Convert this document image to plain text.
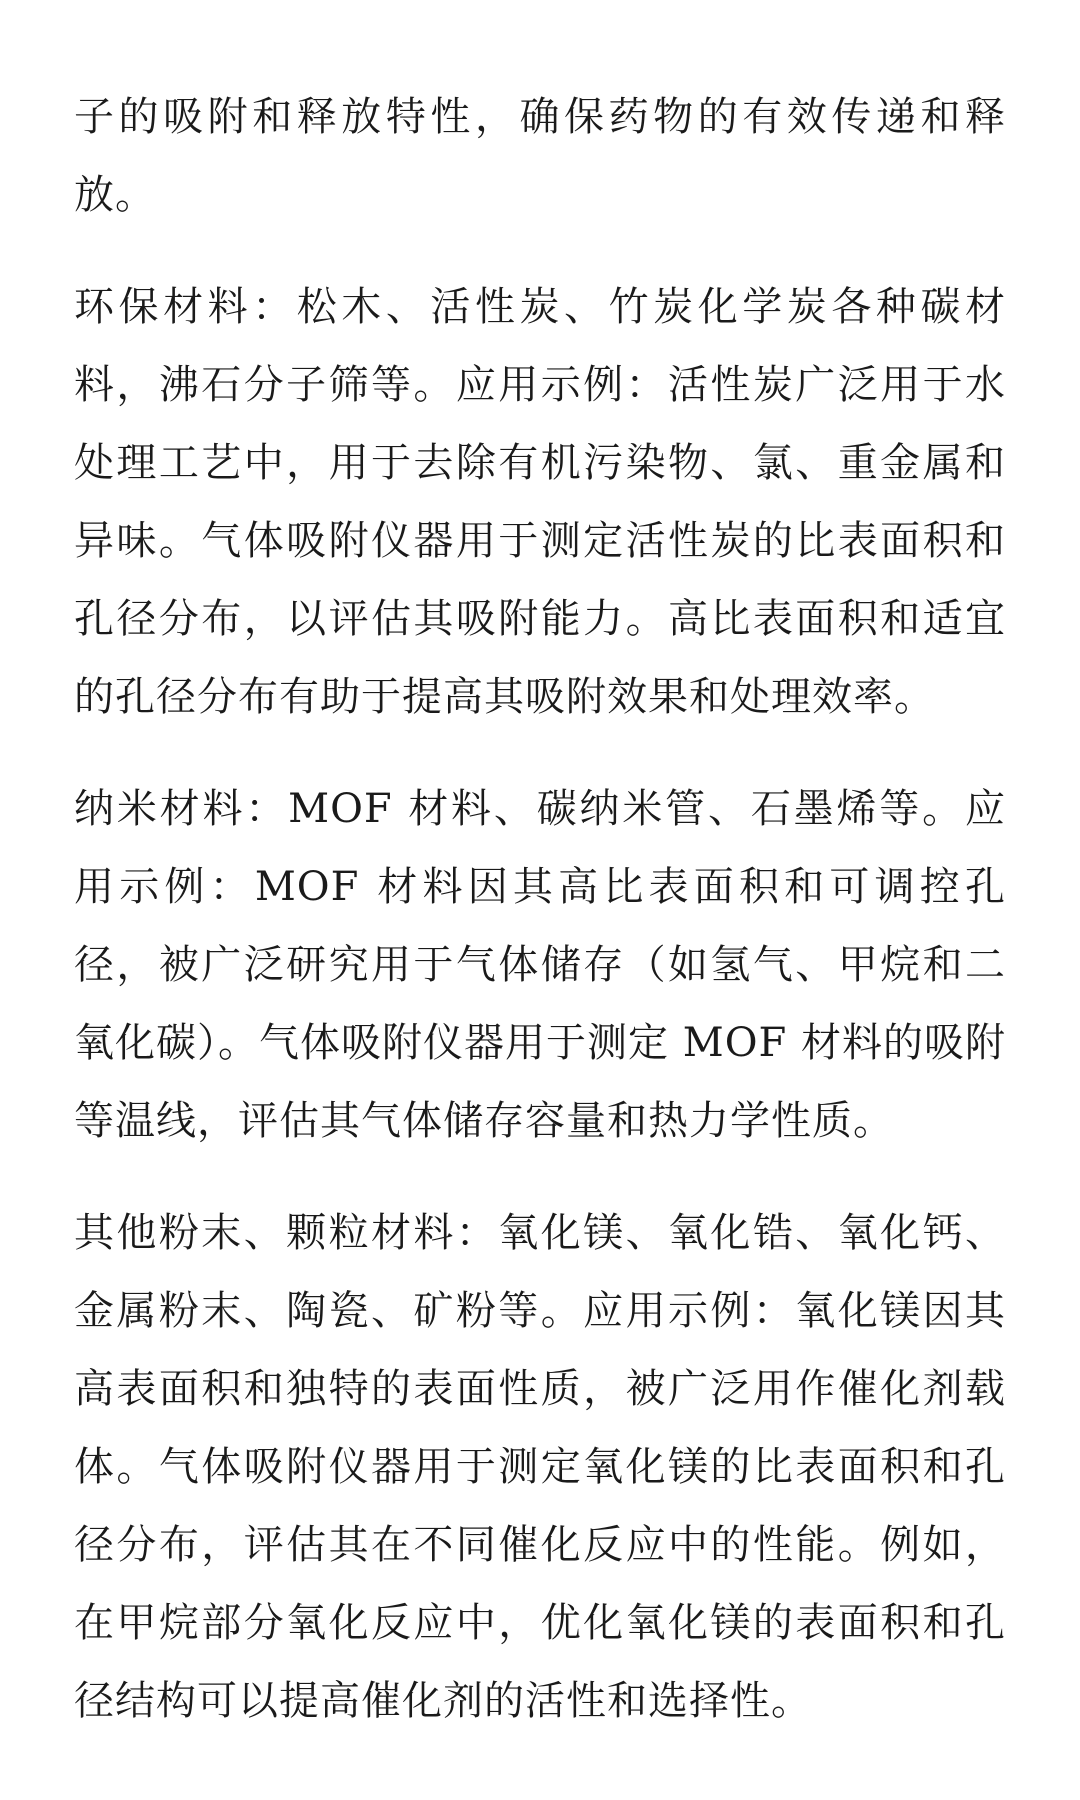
子的吸附和释放特性，确保药物的有效传递和释放。

环保材料：松木、活性炭、竹炭化学炭各种碳材料，沸石分子筛等。应用示例：活性炭广泛用于水处理工艺中，用于去除有机污染物、氯、重金属和异味。气体吸附仪器用于测定活性炭的比表面积和孔径分布，以评估其吸附能力。高比表面积和适宜的孔径分布有助于提高其吸附效果和处理效率。

纳米材料：MOF 材料、碳纳米管、石墨烯等。应用示例：MOF 材料因其高比表面积和可调控孔径，被广泛研究用于气体储存（如氢气、甲烷和二氧化碳）。气体吸附仪器用于测定 MOF 材料的吸附等温线，评估其气体储存容量和热力学性质。

其他粉末、颗粒材料：氧化镁、氧化锆、氧化钙、金属粉末、陶瓷、矿粉等。应用示例：氧化镁因其高表面积和独特的表面性质，被广泛用作催化剂载体。气体吸附仪器用于测定氧化镁的比表面积和孔径分布，评估其在不同催化反应中的性能。例如，在甲烷部分氧化反应中，优化氧化镁的表面积和孔径结构可以提高催化剂的活性和选择性。
